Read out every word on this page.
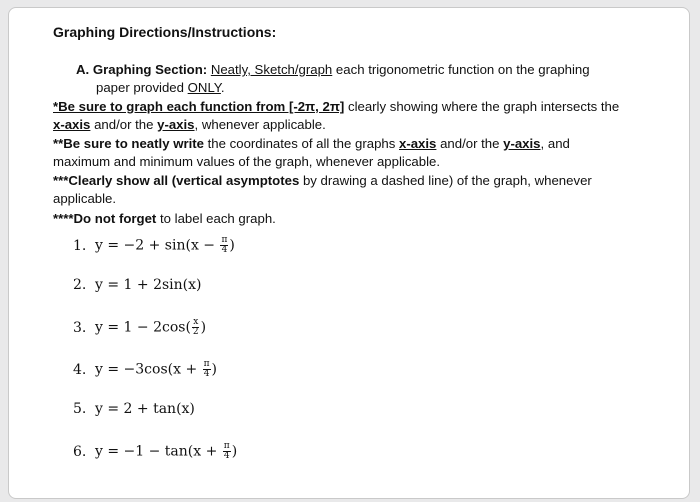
Graphing Directions/Instructions:
A. Graphing Section: Neatly, Sketch/graph each trigonometric function on the graphing
paper provided ONLY.
*Be sure to graph each function from [-2π, 2π] clearly showing where the graph intersects the
x-axis and/or the y-axis, whenever applicable.
**Be sure to neatly write the coordinates of all the graphs x-axis and/or the y-axis, and
maximum and minimum values of the graph, whenever applicable.
***Clearly show all (vertical asymptotes by drawing a dashed line) of the graph, whenever
applicable.
****Do not forget to label each graph.
1. $y = -2 + \sin(x - \frac{\pi}{4}$ )
2. y = 1 + 2sin(x)
3. $y = 1 - 2\cos( \frac{x}{2}$ )
4. $y = -3\cos(x + \frac{\pi}{4}$ )
5. y = 2 + tan(x)
6. $y = -1 - \tan(x + \frac{\pi}{4}$ )
